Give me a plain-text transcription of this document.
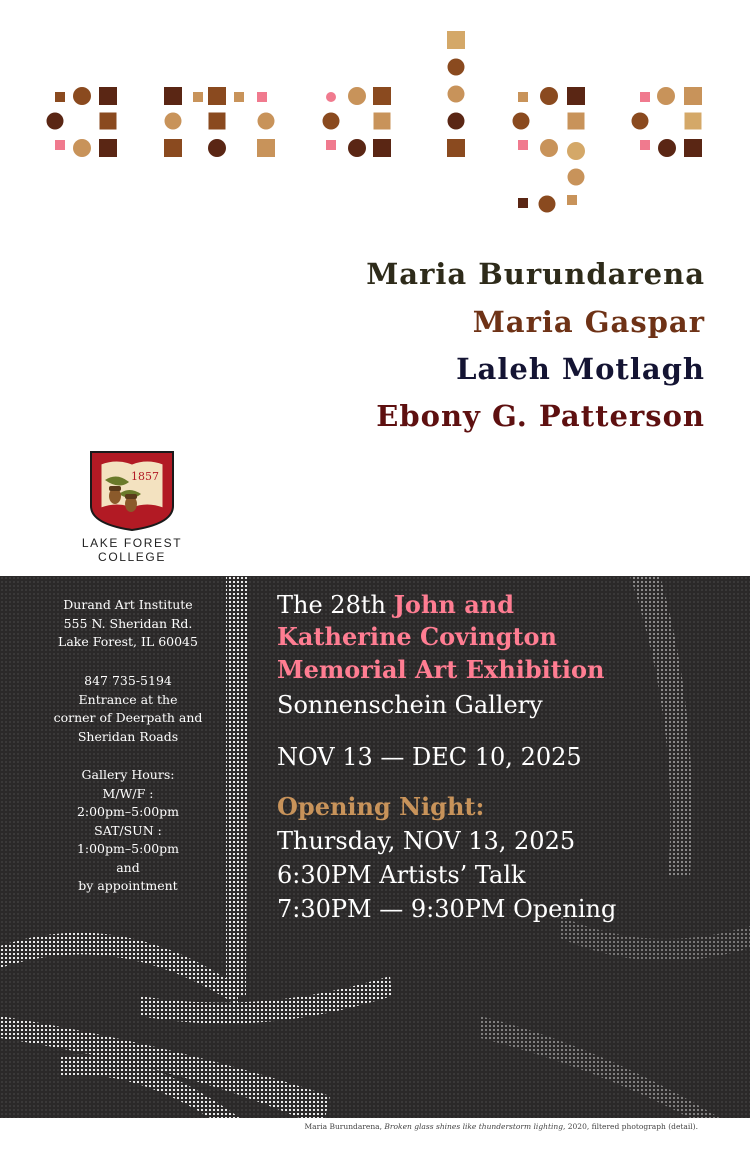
Maria Burundarena
Maria Gaspar
Laleh Motlagh
Ebony G. Patterson
1857
LAKE FOREST
COLLEGE
Durand Art Institute
555 N. Sheridan Rd.
Lake Forest, IL 60045
847 735-5194
Entrance at the
corner of Deerpath and
Sheridan Roads
Gallery Hours:
M/W/F :
2:00pm–5:00pm
SAT/SUN :
1:00pm–5:00pm
and
by appointment
The 28th John and
Katherine Covington
Memorial Art Exhibition
Sonnenschein Gallery
NOV 13 — DEC 10, 2025
Opening Night:
Thursday, NOV 13, 2025
6:30PM Artists’ Talk
7:30PM — 9:30PM Opening
Maria Burundarena, Broken glass shines like thunderstorm lighting, 2020, filtered photograph (detail).
